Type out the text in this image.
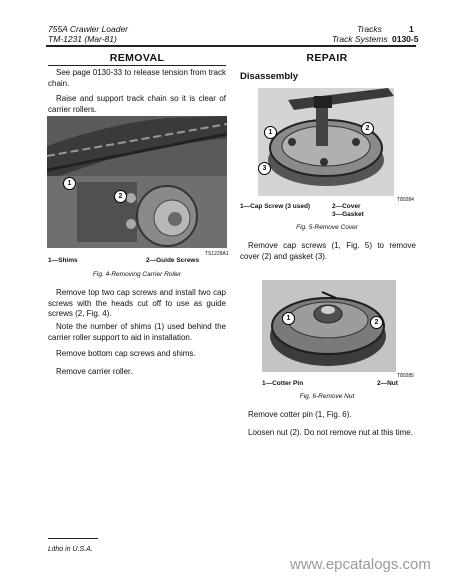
755A Crawler Loader
TM-1231 (Mar-81)
Tracks	1
Track Systems 0130-5
REMOVAL

See page 0130-33 to release tension from track chain.

Raise and support track chain so it is clear of carrier rollers.

1
2
TS1228A1
1—Shims	2—Guide Screws
Fig. 4-Removing Carrier Roller

Remove top two cap screws and install two cap screws with the heads cut off to use as guide screws (2, Fig. 4).

Note the number of shims (1) used behind the carrier roller support to aid in installation.

Remove bottom cap screws and shims.

Remove carrier roller.

REPAIR
Disassembly
1
2
3
T80284
1—Cap Screw (3 used)	2—Cover
3—Gasket
Fig. 5-Remove Cover

Remove cap screws (1, Fig. 5) to remove cover (2) and gasket (3).

1
2
T80285
1—Cotter Pin	2—Nut
Fig. 6-Remove Nut

Remove cotter pin (1, Fig. 6).

Loosen nut (2). Do not remove nut at this time.

Litho in U.S.A.
www.epcatalogs.com
